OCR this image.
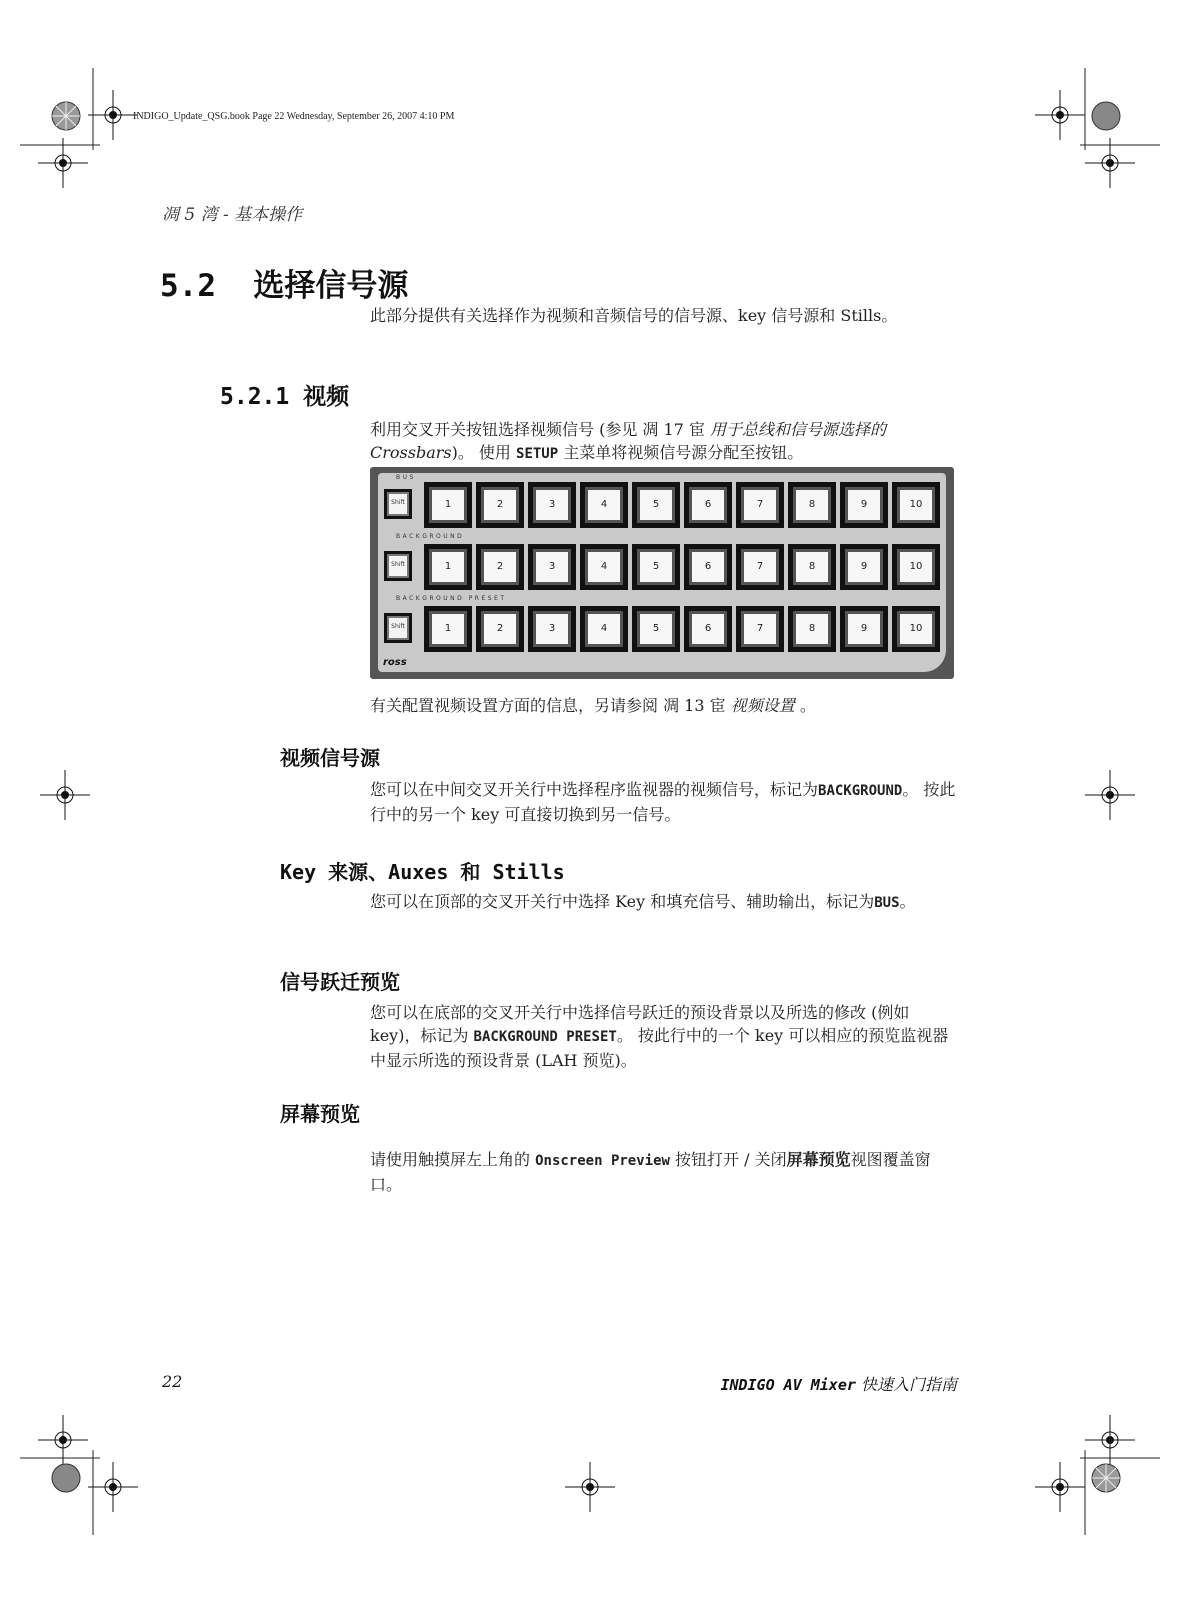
INDIGO_Update_QSG.book Page 22 Wednesday, September 26, 2007 4:10 PM
凋 5 湾 - 基本操作
5.2 选择信号源
此部分提供有关选择作为视频和音频信号的信号源、key 信号源和 Stills。
5.2.1 视频
利用交叉开关按钮选择视频信号 (参见 凋 17 宦 用于总线和信号源选择的 Crossbars)。 使用 SETUP 主菜单将视频信号源分配至按钮。
BUS
Shift	1	2	3	4	5	6	7	8	9	10
BACKGROUND
Shift	1	2	3	4	5	6	7	8	9	10
BACKGROUND PRESET
Shift	1	2	3	4	5	6	7	8	9	10
ross
有关配置视频设置方面的信息，另请参阅 凋 13 宦 视频设置 。
视频信号源
您可以在中间交叉开关行中选择程序监视器的视频信号，标记为BACKGROUND。 按此行中的另一个 key 可直接切换到另一信号。
Key 来源、Auxes 和 Stills
您可以在顶部的交叉开关行中选择 Key 和填充信号、辅助输出，标记为BUS。
信号跃迁预览
您可以在底部的交叉开关行中选择信号跃迁的预设背景以及所选的修改 (例如 key)，标记为 BACKGROUND PRESET。 按此行中的一个 key 可以相应的预览监视器中显示所选的预设背景 (LAH 预览)。
屏幕预览
请使用触摸屏左上角的 Onscreen Preview 按钮打开 / 关闭屏幕预览视图覆盖窗口。
22	INDIGO AV Mixer 快速入门指南
